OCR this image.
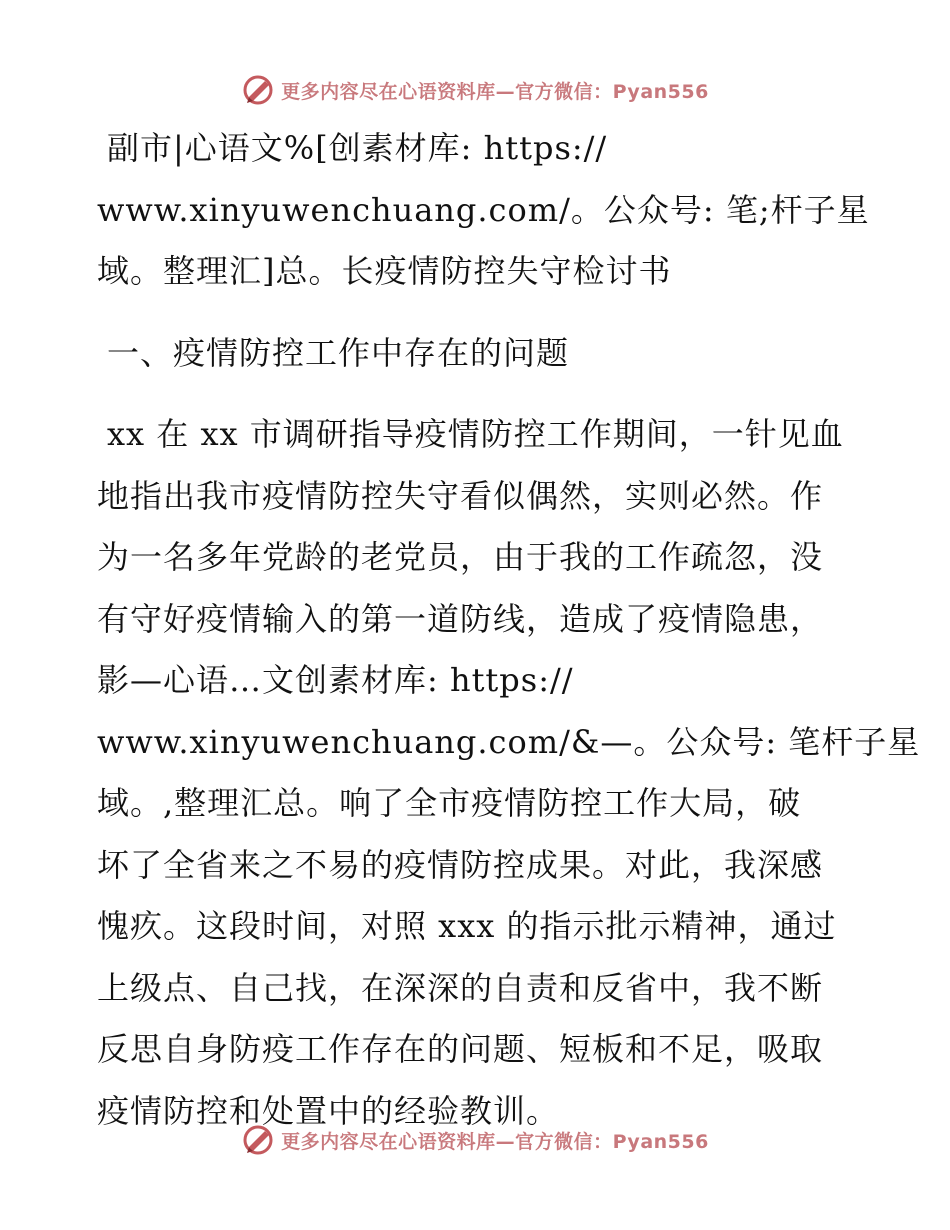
更多内容尽在心语资料库—官方微信：Pyan556
副市|心语文%[创素材库: https://
www.xinyuwenchuang.com/。公众号: 笔;杆子星
域。整理汇]总。长疫情防控失守检讨书
一、疫情防控工作中存在的问题
xx 在 xx 市调研指导疫情防控工作期间，一针见血
地指出我市疫情防控失守看似偶然，实则必然。作
为一名多年党龄的老党员，由于我的工作疏忽，没
有守好疫情输入的第一道防线，造成了疫情隐患，
影—心语…文创素材库: https://
www.xinyuwenchuang.com/&—。公众号: 笔杆子星
域。,整理汇总。响了全市疫情防控工作大局，破
坏了全省来之不易的疫情防控成果。对此，我深感
愧疚。这段时间，对照 xxx 的指示批示精神，通过
上级点、自己找，在深深的自责和反省中，我不断
反思自身防疫工作存在的问题、短板和不足，吸取
疫情防控和处置中的经验教训。
更多内容尽在心语资料库—官方微信：Pyan556
